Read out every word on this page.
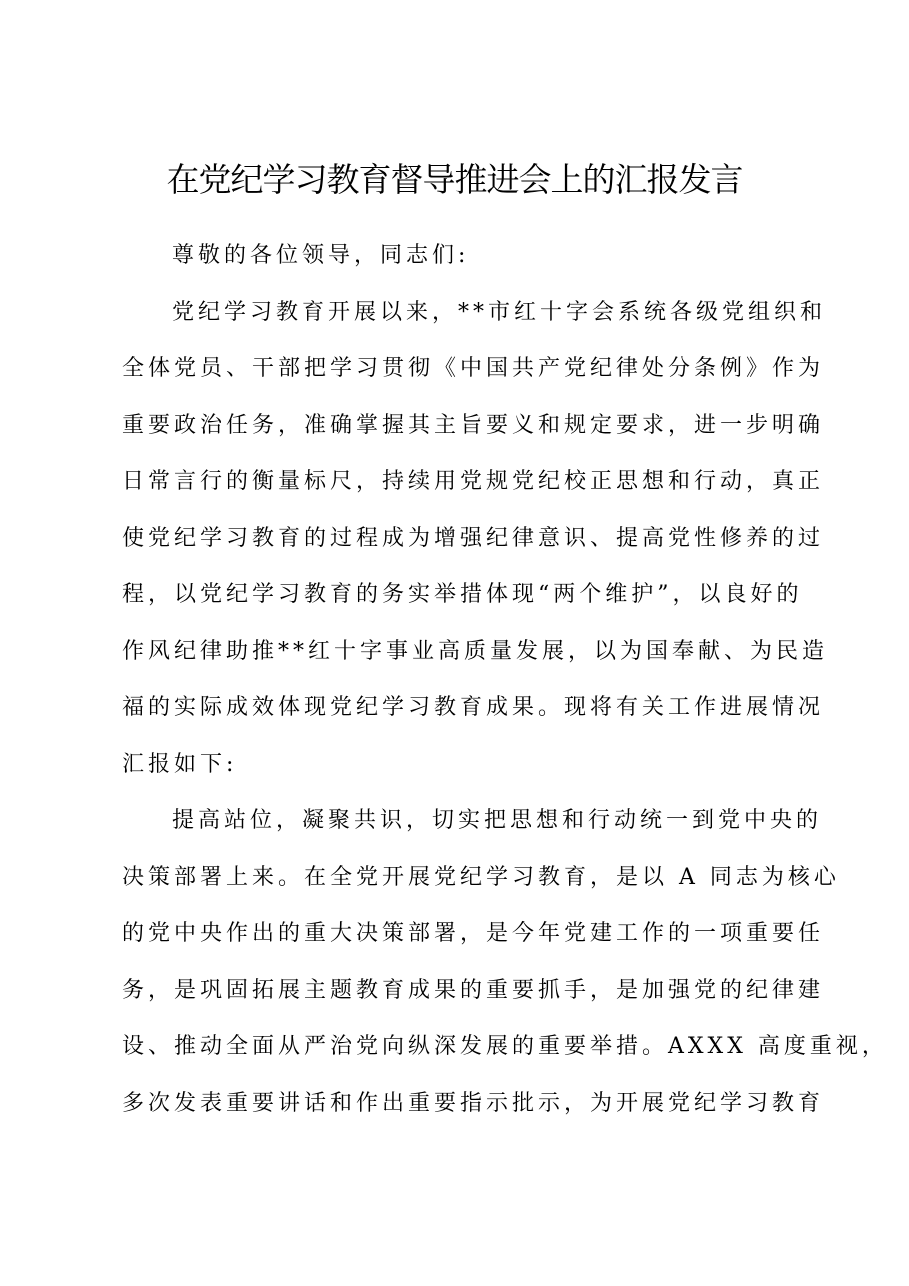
在党纪学习教育督导推进会上的汇报发言
尊敬的各位领导，同志们:
党纪学习教育开展以来，**市红十字会系统各级党组织和
全体党员、干部把学习贯彻《中国共产党纪律处分条例》作为
重要政治任务，准确掌握其主旨要义和规定要求，进一步明确
日常言行的衡量标尺，持续用党规党纪校正思想和行动，真正
使党纪学习教育的过程成为增强纪律意识、提高党性修养的过
程，以党纪学习教育的务实举措体现“两个维护”，以良好的
作风纪律助推**红十字事业高质量发展，以为国奉献、为民造
福的实际成效体现党纪学习教育成果。现将有关工作进展情况
汇报如下:
提高站位，凝聚共识，切实把思想和行动统一到党中央的
决策部署上来。在全党开展党纪学习教育，是以 A 同志为核心
的党中央作出的重大决策部署，是今年党建工作的一项重要任
务，是巩固拓展主题教育成果的重要抓手，是加强党的纪律建
设、推动全面从严治党向纵深发展的重要举措。AXXX 高度重视，
多次发表重要讲话和作出重要指示批示，为开展党纪学习教育
